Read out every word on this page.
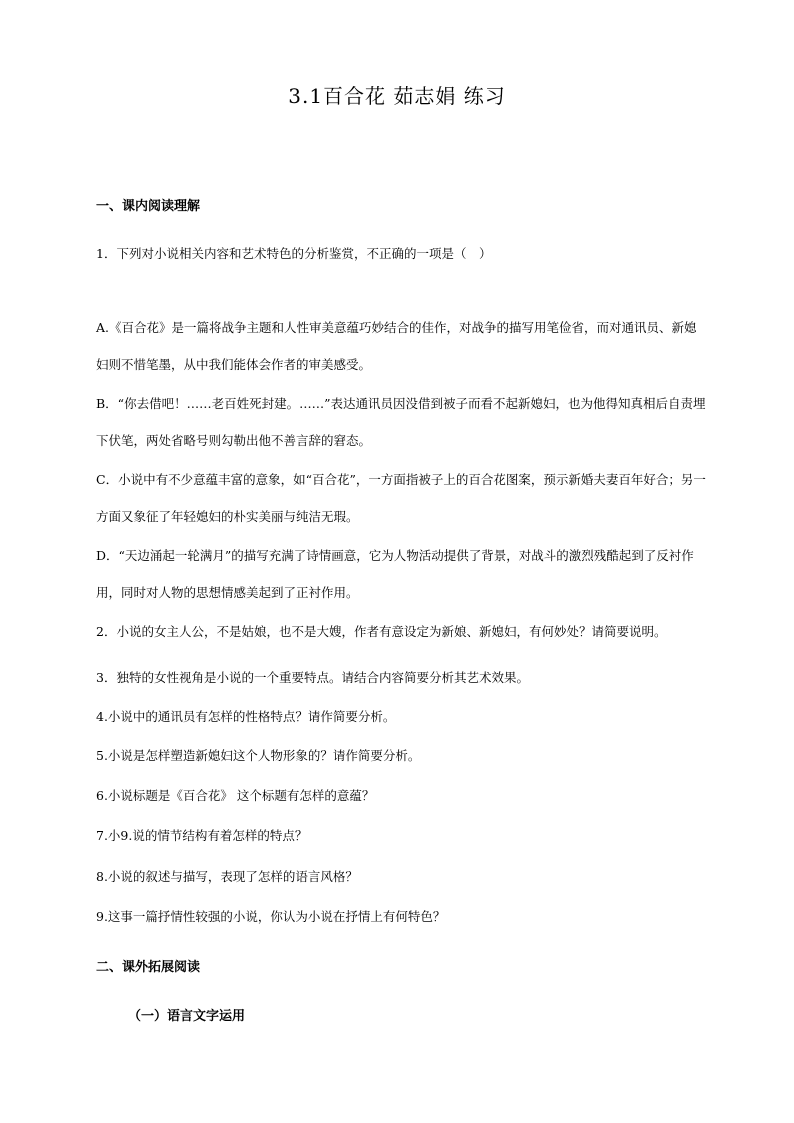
3.1百合花 茹志娟 练习
一、课内阅读理解
1．下列对小说相关内容和艺术特色的分析鉴赏，不正确的一项是（　）

A.《百合花》是一篇将战争主题和人性审美意蕴巧妙结合的佳作，对战争的描写用笔俭省，而对通讯员、新媳妇则不惜笔墨，从中我们能体会作者的审美感受。

B．“你去借吧！……老百姓死封建。……”表达通讯员因没借到被子而看不起新媳妇，也为他得知真相后自责埋下伏笔，两处省略号则勾勒出他不善言辞的窘态。

C．小说中有不少意蕴丰富的意象，如“百合花”，一方面指被子上的百合花图案，预示新婚夫妻百年好合；另一方面又象征了年轻媳妇的朴实美丽与纯洁无瑕。

D．“天边涌起一轮满月”的描写充满了诗情画意，它为人物活动提供了背景，对战斗的激烈残酷起到了反衬作用，同时对人物的思想情感美起到了正衬作用。

2．小说的女主人公，不是姑娘，也不是大嫂，作者有意设定为新娘、新媳妇，有何妙处？请简要说明。

3．独特的女性视角是小说的一个重要特点。请结合内容简要分析其艺术效果。
4.小说中的通讯员有怎样的性格特点？请作简要分析。
5.小说是怎样塑造新媳妇这个人物形象的？请作简要分析。
6.小说标题是《百合花》 这个标题有怎样的意蕴？
7.小9.说的情节结构有着怎样的特点？
8.小说的叙述与描写，表现了怎样的语言风格？
9.这事一篇抒情性较强的小说，你认为小说在抒情上有何特色？
二、课外拓展阅读
（一）语言文字运用
